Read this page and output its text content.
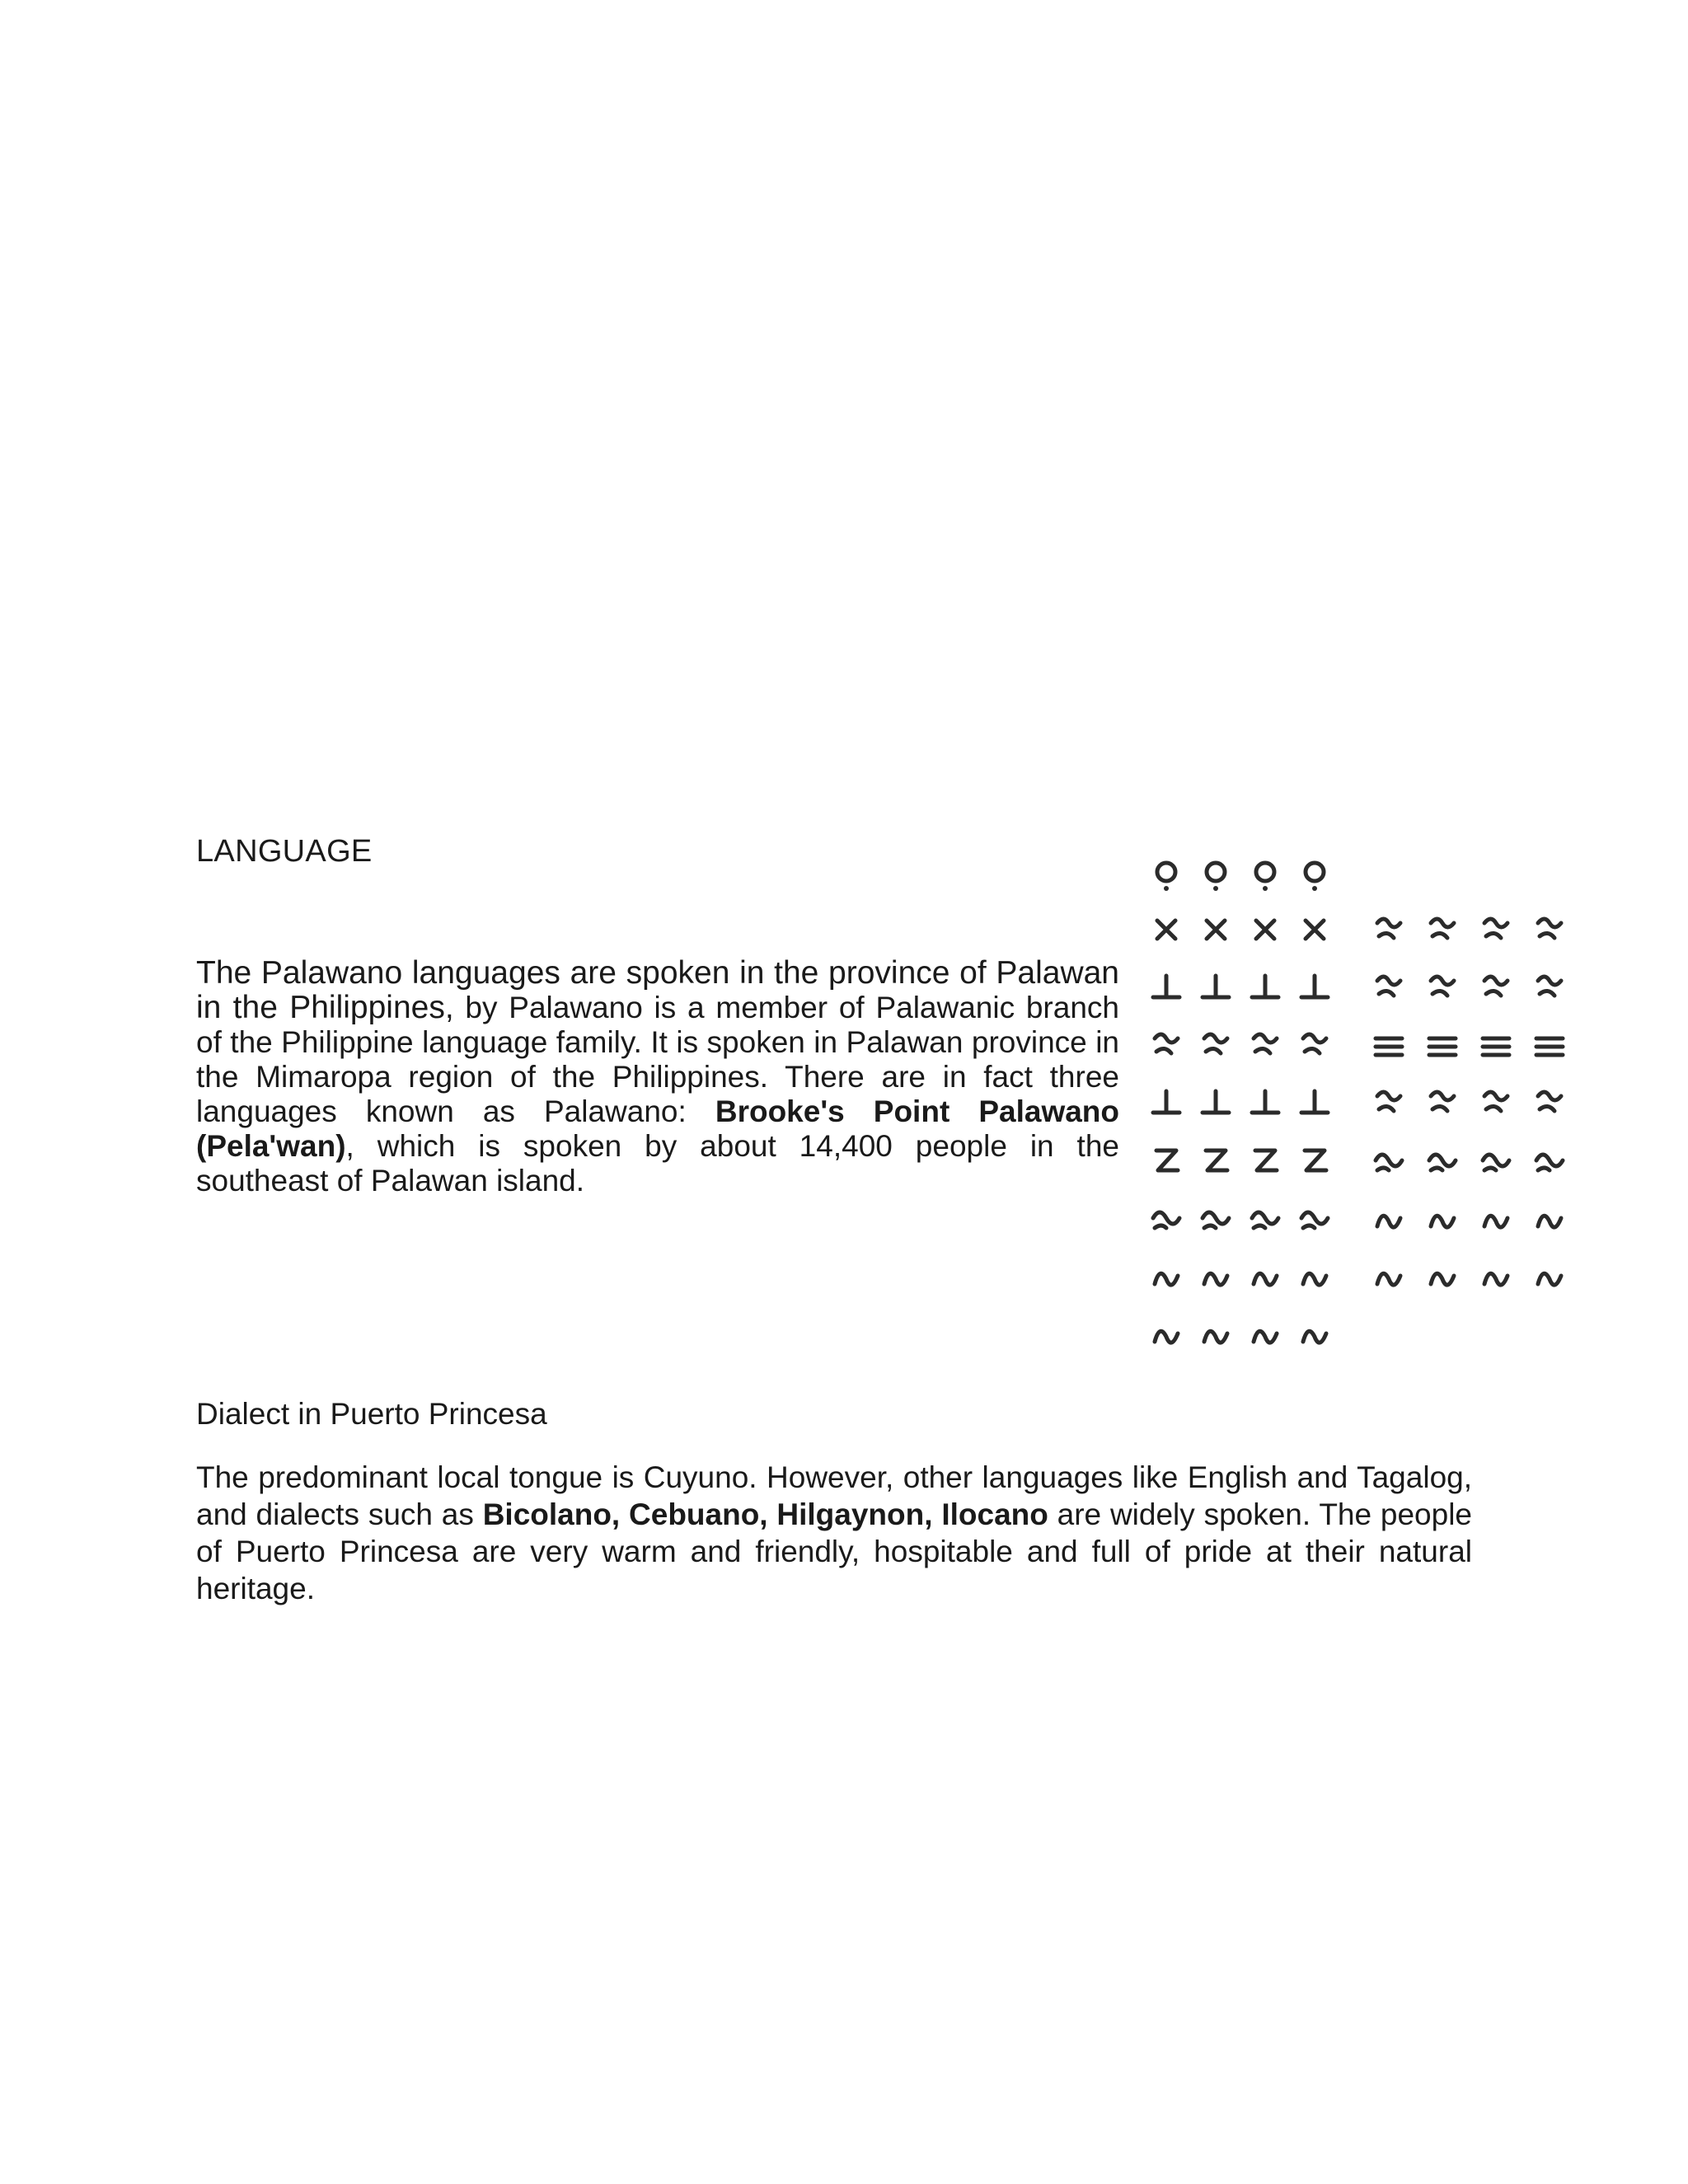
LANGUAGE

The Palawano languages are spoken in the province of Palawan in the Philippines, by Palawano is a member of Palawanic branch of the Philippine language family. It is spoken in Palawan province in the Mimaropa region of the Philippines. There are in fact three languages known as Palawano: Brooke's Point Palawano (Pela'wan), which is spoken by about 14,400 people in the southeast of Palawan island.

Dialect in Puerto Princesa

The predominant local tongue is Cuyuno. However, other languages like English and Tagalog, and dialects such as Bicolano, Cebuano, Hilgaynon, Ilocano are widely spoken. The people of Puerto Princesa are very warm and friendly, hospitable and full of pride at their natural heritage.
